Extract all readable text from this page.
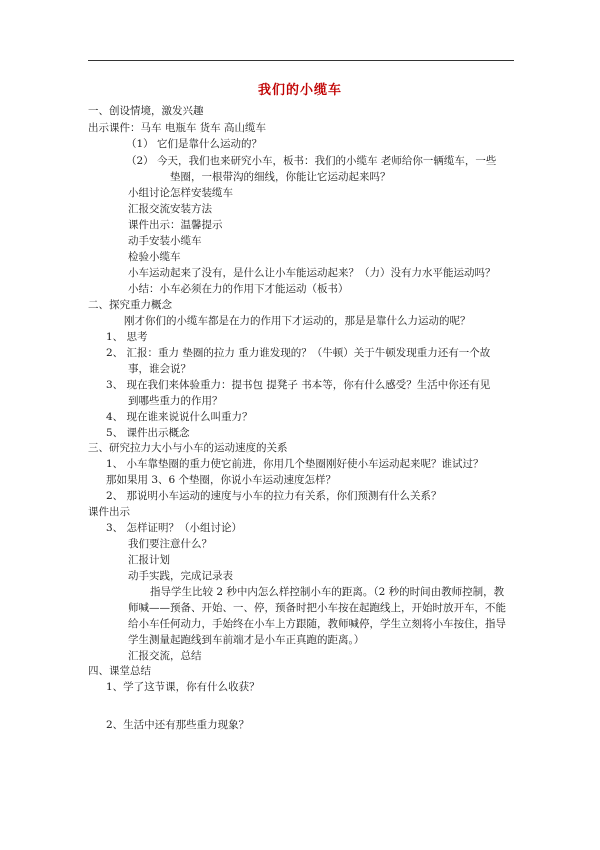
我们的小缆车
一、创设情境，激发兴趣
出示课件：马车 电瓶车 货车 高山缆车
（1） 它们是靠什么运动的？
（2） 今天，我们也来研究小车，板书：我们的小缆车 老师给你一辆缆车，一些
垫圈，一根带沟的细线，你能让它运动起来吗？
小组讨论怎样安装缆车
汇报交流安装方法
课件出示：温馨提示
动手安装小缆车
检验小缆车
小车运动起来了没有，是什么让小车能运动起来？（力）没有力水平能运动吗？
小结：小车必须在力的作用下才能运动（板书）
二、探究重力概念
刚才你们的小缆车都是在力的作用下才运动的，那是是靠什么力运动的呢？
1、 思考
2、 汇报：重力 垫圈的拉力 重力谁发现的？（牛顿）关于牛顿发现重力还有一个故
事，谁会说？
3、 现在我们来体验重力：提书包 提凳子 书本等，你有什么感受？生活中你还有见
到哪些重力的作用？
4、 现在谁来说说什么叫重力？
5、 课件出示概念
三、研究拉力大小与小车的运动速度的关系
1、 小车靠垫圈的重力使它前进，你用几个垫圈刚好使小车运动起来呢？谁试过？
那如果用 3、6 个垫圈，你说小车运动速度怎样？
2、 那说明小车运动的速度与小车的拉力有关系，你们预测有什么关系？
课件出示
3、 怎样证明？（小组讨论）
我们要注意什么？
汇报计划
动手实践，完成记录表
指导学生比较 2 秒中内怎么样控制小车的距离。（2 秒的时间由教师控制，教
师喊——预备、开始、一、停，预备时把小车按在起跑线上，开始时放开车，不能
给小车任何动力，手始终在小车上方跟随，教师喊停，学生立刻将小车按住，指导
学生测量起跑线到车前端才是小车正真跑的距离。）
汇报交流，总结
四、课堂总结
1、学了这节课，你有什么收获？
2、生活中还有那些重力现象？
